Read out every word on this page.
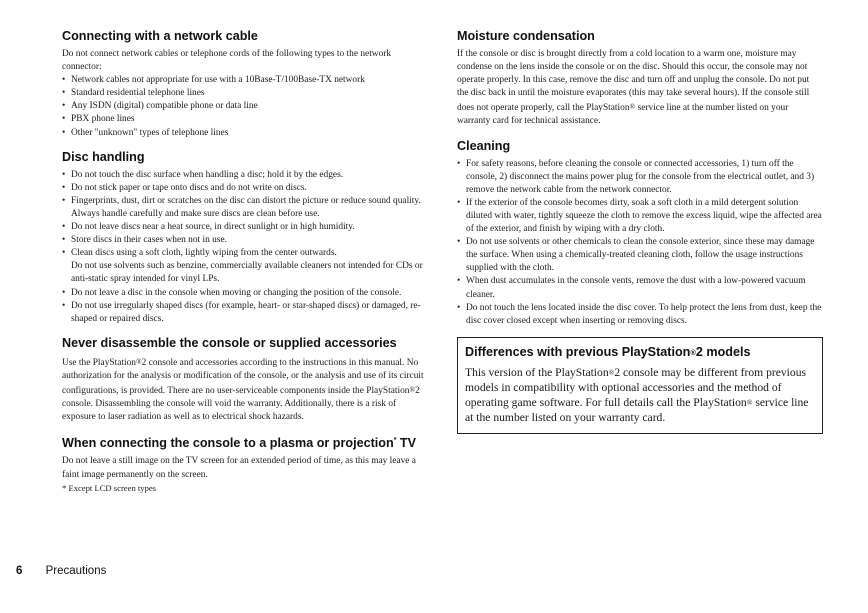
Connecting with a network cable

Do not connect network cables or telephone cords of the following types to the network connector:

• Network cables not appropriate for use with a 10Base-T/100Base-TX network
• Standard residential telephone lines
• Any ISDN (digital) compatible phone or data line
• PBX phone lines
• Other "unknown" types of telephone lines
Disc handling
• Do not touch the disc surface when handling a disc; hold it by the edges.
• Do not stick paper or tape onto discs and do not write on discs.
• Fingerprints, dust, dirt or scratches on the disc can distort the picture or reduce sound quality. Always handle carefully and make sure discs are clean before use.
• Do not leave discs near a heat source, in direct sunlight or in high humidity.
• Store discs in their cases when not in use.
• Clean discs using a soft cloth, lightly wiping from the center outwards.
Do not use solvents such as benzine, commercially available cleaners not intended for CDs or anti-static spray intended for vinyl LPs.
• Do not leave a disc in the console when moving or changing the position of the console.
• Do not use irregularly shaped discs (for example, heart- or star-shaped discs) or damaged, re-shaped or repaired discs.
Never disassemble the console or supplied accessories

Use the PlayStation®2 console and accessories according to the instructions in this manual. No authorization for the analysis or modification of the console, or the analysis and use of its circuit configurations, is provided. There are no user-serviceable components inside the PlayStation®2 console. Disassembling the console will void the warranty. Additionally, there is a risk of exposure to laser radiation as well as to electrical shock hazards.

When connecting the console to a plasma or projection* TV

Do not leave a still image on the TV screen for an extended period of time, as this may leave a faint image permanently on the screen.

* Except LCD screen types

Moisture condensation

If the console or disc is brought directly from a cold location to a warm one, moisture may condense on the lens inside the console or on the disc. Should this occur, the console may not operate properly. In this case, remove the disc and turn off and unplug the console. Do not put the disc back in until the moisture evaporates (this may take several hours). If the console still does not operate properly, call the PlayStation® service line at the number listed on your warranty card for technical assistance.

Cleaning
• For safety reasons, before cleaning the console or connected accessories, 1) turn off the console, 2) disconnect the mains power plug for the console from the electrical outlet, and 3) remove the network cable from the network connector.
• If the exterior of the console becomes dirty, soak a soft cloth in a mild detergent solution diluted with water, tightly squeeze the cloth to remove the excess liquid, wipe the affected area of the exterior, and finish by wiping with a dry cloth.
• Do not use solvents or other chemicals to clean the console exterior, since these may damage the surface. When using a chemically-treated cleaning cloth, follow the usage instructions supplied with the cloth.
• When dust accumulates in the console vents, remove the dust with a low-powered vacuum cleaner.
• Do not touch the lens located inside the disc cover. To help protect the lens from dust, keep the disc cover closed except when inserting or removing discs.
Differences with previous PlayStation®2 models

This version of the PlayStation®2 console may be different from previous models in compatibility with optional accessories and the method of operating game software. For full details call the PlayStation® service line at the number listed on your warranty card.

6 Precautions
